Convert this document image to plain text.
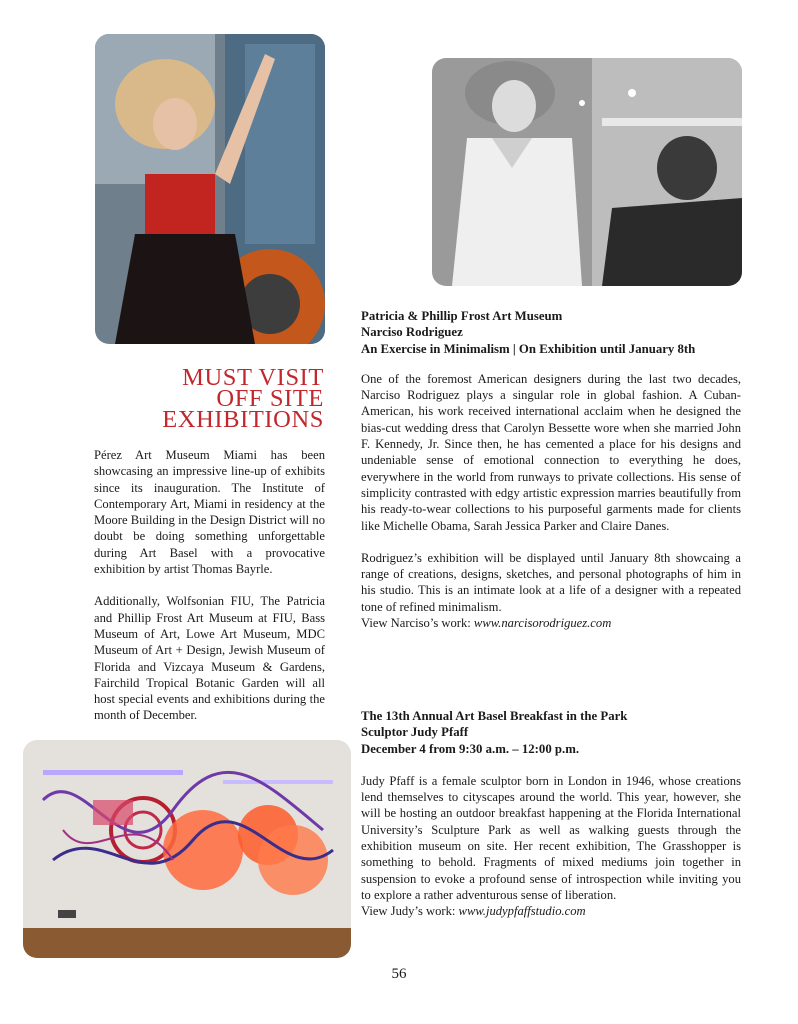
MUST VISIT
OFF SITE
EXHIBITIONS

Pérez Art Museum Miami has been showcasing an impressive line-up of exhibits since its inauguration. The Institute of Contemporary Art, Miami in residency at the Moore Building in the Design District will no doubt be doing something unforgettable during Art Basel with a provocative exhibition by artist Thomas Bayrle.

Additionally, Wolfsonian FIU, The Patricia and Phillip Frost Art Museum at FIU, Bass Museum of Art, Lowe Art Museum, MDC Museum of Art + Design, Jewish Museum of Florida and Vizcaya Museum & Gardens, Fairchild Tropical Botanic Garden will all host special events and exhibitions during the month of December.

Patricia & Phillip Frost Art Museum

Narciso Rodriguez

An Exercise in Minimalism | On Exhibition until January 8th

One of the foremost American designers during the last two decades, Narciso Rodriguez plays a singular role in global fashion. A Cuban-American, his work received international acclaim when he designed the bias-cut wedding dress that Carolyn Bessette wore when she married John F. Kennedy, Jr. Since then, he has cemented a place for his designs and undeniable sense of emotional connection to everything he does, everywhere in the world from runways to private collections. His sense of simplicity contrasted with edgy artistic expression marries beautifully from his ready-to-wear collections to his purposeful garments made for clients like Michelle Obama, Sarah Jessica Parker and Claire Danes.

Rodriguez’s exhibition will be displayed until January 8th showcaing a range of creations, designs, sketches, and personal photographs of him in his studio. This is an intimate look at a life of a designer with a repeated tone of refined minimalism.
View Narciso’s work: www.narcisorodriguez.com

The 13th Annual Art Basel Breakfast in the Park

Sculptor Judy Pfaff

December 4 from 9:30 a.m. – 12:00 p.m.

Judy Pfaff is a female sculptor born in London in 1946, whose creations lend themselves to cityscapes around the world. This year, however, she will be hosting an outdoor breakfast happening at the Florida International University’s Sculpture Park as well as walking guests through the exhibition museum on site. Her recent exhibition, The Grasshopper is something to behold. Fragments of mixed mediums join together in suspension to evoke a profound sense of introspection while inviting you to explore a rather adventurous sense of liberation.
View Judy’s work: www.judypfaffstudio.com

56
